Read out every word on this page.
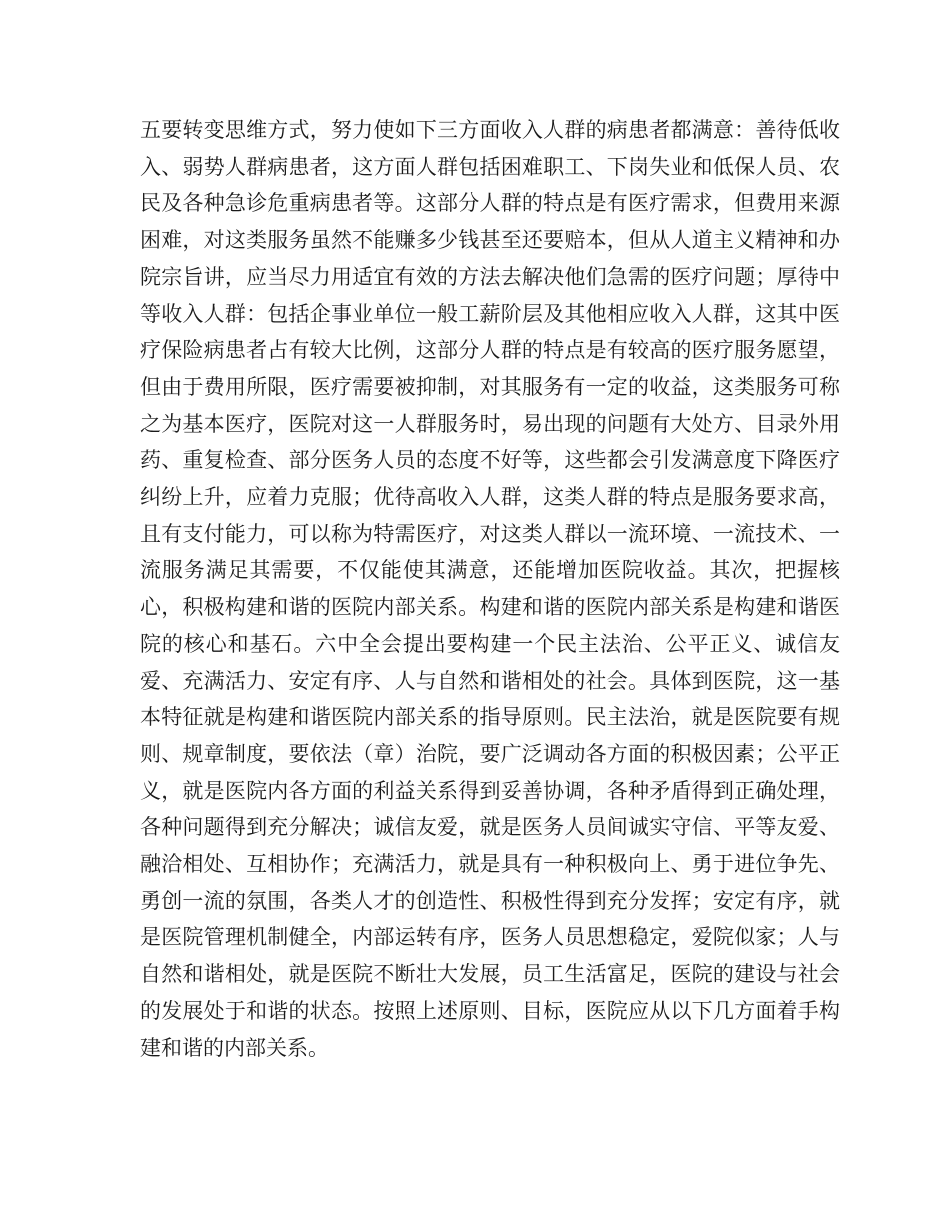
五要转变思维方式，努力使如下三方面收入人群的病患者都满意：善待低收入、弱势人群病患者，这方面人群包括困难职工、下岗失业和低保人员、农民及各种急诊危重病患者等。这部分人群的特点是有医疗需求，但费用来源困难，对这类服务虽然不能赚多少钱甚至还要赔本，但从人道主义精神和办院宗旨讲，应当尽力用适宜有效的方法去解决他们急需的医疗问题；厚待中等收入人群：包括企事业单位一般工薪阶层及其他相应收入人群，这其中医疗保险病患者占有较大比例，这部分人群的特点是有较高的医疗服务愿望，但由于费用所限，医疗需要被抑制，对其服务有一定的收益，这类服务可称之为基本医疗，医院对这一人群服务时，易出现的问题有大处方、目录外用药、重复检查、部分医务人员的态度不好等，这些都会引发满意度下降医疗纠纷上升，应着力克服；优待高收入人群，这类人群的特点是服务要求高，且有支付能力，可以称为特需医疗，对这类人群以一流环境、一流技术、一流服务满足其需要，不仅能使其满意，还能增加医院收益。其次，把握核心，积极构建和谐的医院内部关系。构建和谐的医院内部关系是构建和谐医院的核心和基石。六中全会提出要构建一个民主法治、公平正义、诚信友爱、充满活力、安定有序、人与自然和谐相处的社会。具体到医院，这一基本特征就是构建和谐医院内部关系的指导原则。民主法治，就是医院要有规则、规章制度，要依法（章）治院，要广泛调动各方面的积极因素；公平正义，就是医院内各方面的利益关系得到妥善协调，各种矛盾得到正确处理，各种问题得到充分解决；诚信友爱，就是医务人员间诚实守信、平等友爱、融洽相处、互相协作；充满活力，就是具有一种积极向上、勇于进位争先、勇创一流的氛围，各类人才的创造性、积极性得到充分发挥；安定有序，就是医院管理机制健全，内部运转有序，医务人员思想稳定，爱院似家；人与自然和谐相处，就是医院不断壮大发展，员工生活富足，医院的建设与社会的发展处于和谐的状态。按照上述原则、目标，医院应从以下几方面着手构建和谐的内部关系。
